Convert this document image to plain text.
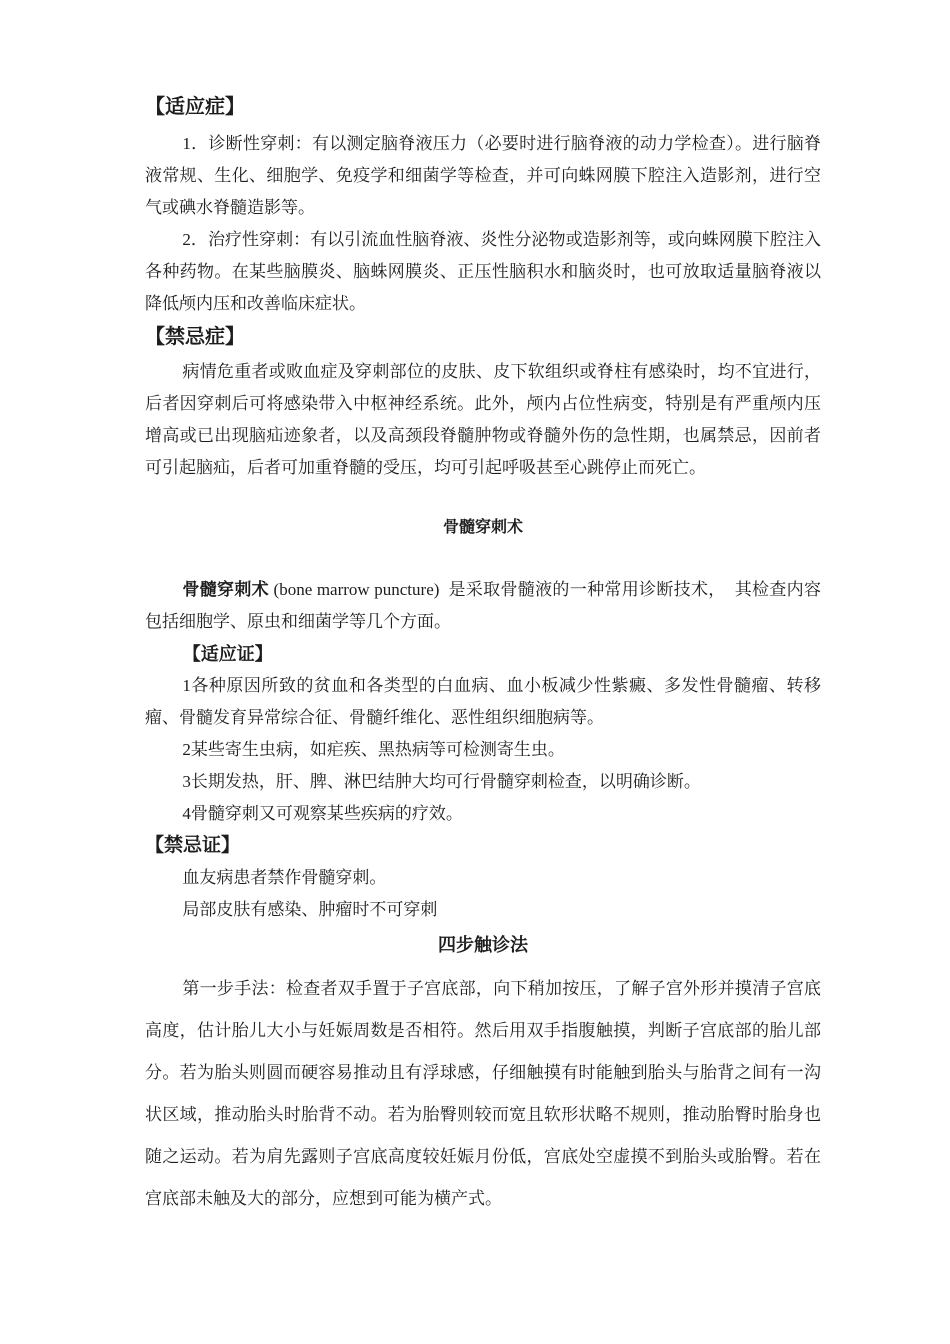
【适应症】

1．诊断性穿刺：有以测定脑脊液压力（必要时进行脑脊液的动力学检查）。进行脑脊液常规、生化、细胞学、免疫学和细菌学等检查，并可向蛛网膜下腔注入造影剂，进行空气或碘水脊髓造影等。

2．治疗性穿刺：有以引流血性脑脊液、炎性分泌物或造影剂等，或向蛛网膜下腔注入各种药物。在某些脑膜炎、脑蛛网膜炎、正压性脑积水和脑炎时，也可放取适量脑脊液以降低颅内压和改善临床症状。

【禁忌症】

病情危重者或败血症及穿刺部位的皮肤、皮下软组织或脊柱有感染时，均不宜进行，后者因穿刺后可将感染带入中枢神经系统。此外，颅内占位性病变，特别是有严重颅内压增高或已出现脑疝迹象者，以及高颈段脊髓肿物或脊髓外伤的急性期，也属禁忌，因前者可引起脑疝，后者可加重脊髓的受压，均可引起呼吸甚至心跳停止而死亡。

骨髓穿刺术

骨髓穿刺术 (bone marrow puncture)  是采取骨髓液的一种常用诊断技术，  其检查内容包括细胞学、原虫和细菌学等几个方面。

【适应证】

1各种原因所致的贫血和各类型的白血病、血小板减少性紫癜、多发性骨髓瘤、转移瘤、骨髓发育异常综合征、骨髓纤维化、恶性组织细胞病等。

2某些寄生虫病，如疟疾、黑热病等可检测寄生虫。

3长期发热，肝、脾、淋巴结肿大均可行骨髓穿刺检查，以明确诊断。

4骨髓穿刺又可观察某些疾病的疗效。

【禁忌证】

血友病患者禁作骨髓穿刺。

局部皮肤有感染、肿瘤时不可穿刺

四步触诊法

第一步手法：检查者双手置于子宫底部，向下稍加按压，了解子宫外形并摸清子宫底高度，估计胎儿大小与妊娠周数是否相符。然后用双手指腹触摸，判断子宫底部的胎儿部分。若为胎头则圆而硬容易推动且有浮球感，仔细触摸有时能触到胎头与胎背之间有一沟状区域，推动胎头时胎背不动。若为胎臀则较而宽且软形状略不规则，推动胎臀时胎身也随之运动。若为肩先露则子宫底高度较妊娠月份低，宫底处空虚摸不到胎头或胎臀。若在宫底部未触及大的部分，应想到可能为横产式。
